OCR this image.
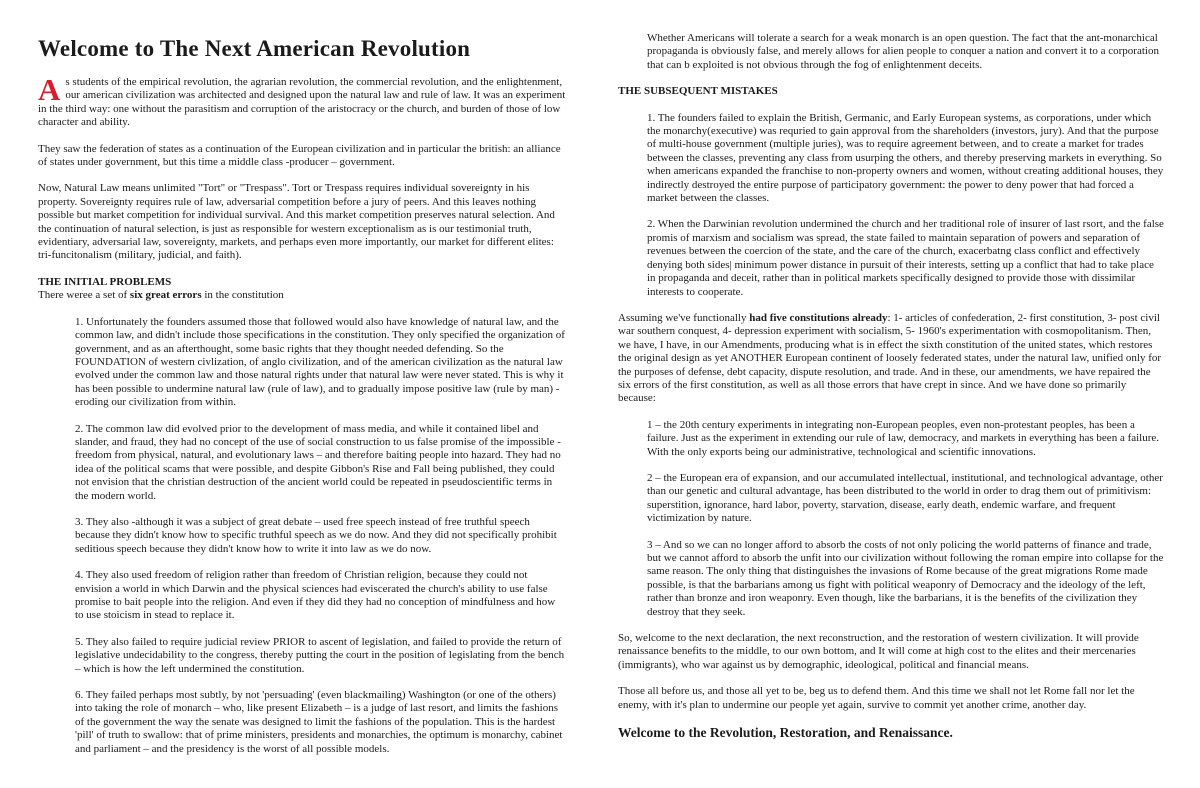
Welcome to The Next American Revolution

As students of the empirical revolution, the agrarian revolution, the commercial revolution, and the enlightenment, our american civilization was architected and designed upon the natural law and rule of law. It was an experiment in the third way: one without the parasitism and corruption of the aristocracy or the church, and burden of those of low character and ability.

They saw the federation of states as a continuation of the European civilization and in particular the british: an alliance of states under government, but this time a middle class -producer – government.

Now, Natural Law means unlimited "Tort" or "Trespass". Tort or Trespass requires individual sovereignty in his property. Sovereignty requires rule of law, adversarial competition before a jury of peers. And this leaves nothing possible but market competition for individual survival. And this market competition preserves natural selection. And the continuation of natural selection, is just as responsible for western exceptionalism as is our testimonial truth, evidentiary, adversarial law, sovereignty, markets, and perhaps even more importantly, our market for different elites: tri-funcitonalism (military, judicial, and faith).

THE INITIAL PROBLEMS

There weree a set of six great errors in the constitution

1. Unfortunately the founders assumed those that followed would also have knowledge of natural law, and the common law, and didn't include those specifications in the constitution. They only specified the organization of government, and as an afterthought, some basic rights that they thought needed defending. So the FOUNDATION of western civlization, of anglo civilization, and of the american civilization as the natural law evolved under the common law and those natural rights under that natural law were never stated. This is why it has been possible to undermine natural law (rule of law), and to gradually impose positive law (rule by man) -eroding our civilization from within.

2. The common law did evolved prior to the development of mass media, and while it contained libel and slander, and fraud, they had no concept of the use of social construction to us false promise of the impossible -freedom from physical, natural, and evolutionary laws – and therefore baiting people into hazard. They had no idea of the political scams that were possible, and despite Gibbon's Rise and Fall being published, they could not envision that the christian destruction of the ancient world could be repeated in pseudoscientific terms in the modern world.

3. They also -although it was a subject of great debate – used free speech instead of free truthful speech because they didn't know how to specific truthful speech as we do now. And they did not specifically prohibit seditious speech because they didn't know how to write it into law as we do now.

4. They also used freedom of religion rather than freedom of Christian religion, because they could not envision a world in which Darwin and the physical sciences had eviscerated the church's ability to use false promise to bait people into the religion. And even if they did they had no conception of mindfulness and how to use stoicism in stead to replace it.

5. They also failed to require judicial review PRIOR to ascent of legislation, and failed to provide the return of legislative undecidability to the congress, thereby putting the court in the position of legislating from the bench – which is how the left undermined the constitution.

6. They failed perhaps most subtly, by not 'persuading' (even blackmailing) Washington (or one of the others) into taking the role of monarch – who, like present Elizabeth – is a judge of last resort, and limits the fashions of the government the way the senate was designed to limit the fashions of the population. This is the hardest 'pill' of truth to swallow: that of prime ministers, presidents and monarchies, the optimum is monarchy, cabinet and parliament – and the presidency is the worst of all possible models.

Whether Americans will tolerate a search for a weak monarch is an open question. The fact that the ant-monarchical propaganda is obviously false, and merely allows for alien people to conquer a nation and convert it to a corporation that can b exploited is not obvious through the fog of enlightenment deceits.

THE SUBSEQUENT MISTAKES

1. The founders failed to explain the British, Germanic, and Early European systems, as corporations, under which the monarchy(executive) was requried to gain approval from the shareholders (investors, jury). And that the purpose of multi-house government (multiple juries), was to require agreement between, and to create a market for trades between the classes, preventing any class from usurping the others, and thereby preserving markets in everything. So when americans expanded the franchise to non-property owners and women, without creating additional houses, they indirectly destroyed the entire purpose of participatory government: the power to deny power that had forced a market between the classes.

2. When the Darwinian revolution undermined the church and her traditional role of insurer of last rsort, and the false promis of marxism and socialism was spread, the state failed to maintain separation of powers and separation of revenues between the coercion of the state, and the care of the church, exacerbatng class conflict and effectively denying both sides| minimum power distance in pursuit of their interests, setting up a conflict that had to take place in propaganda and deceit, rather than in political markets specifically designed to provide those with dissimilar interests to cooperate.

Assuming we've functionally had five constitutions already: 1- articles of confederation, 2- first constitution, 3- post civil war southern conquest, 4- depression experiment with socialism, 5- 1960's experimentation with cosmopolitanism. Then, we have, I have, in our Amendments, producing what is in effect the sixth constitution of the united states, which restores the original design as yet ANOTHER European continent of loosely federated states, under the natural law, unified only for the purposes of defense, debt capacity, dispute resolution, and trade. And in these, our amendments, we have repaired the six errors of the first constitution, as well as all those errors that have crept in since. And we have done so primarily because:

1 – the 20th century experiments in integrating non-European peoples, even non-protestant peoples, has been a failure. Just as the experiment in extending our rule of law, democracy, and markets in everything has been a failure. With the only exports being our administrative, technological and scientific innovations.

2 – the European era of expansion, and our accumulated intellectual, institutional, and technological advantage, other than our genetic and cultural advantage, has been distributed to the world in order to drag them out of primitivism: superstition, ignorance, hard labor, poverty, starvation, disease, early death, endemic warfare, and frequent victimization by nature.

3 – And so we can no longer afford to absorb the costs of not only policing the world patterns of finance and trade, but we cannot afford to absorb the unfit into our civilization without following the roman empire into collapse for the same reason. The only thing that distinguishes the invasions of Rome because of the great migrations Rome made possible, is that the barbarians among us fight with political weaponry of Democracy and the ideology of the left, rather than bronze and iron weaponry. Even though, like the barbarians, it is the benefits of the civilization they destroy that they seek.

So, welcome to the next declaration, the next reconstruction, and the restoration of western civilization. It will provide renaissance benefits to the middle, to our own bottom, and It will come at high cost to the elites and their mercenaries (immigrants), who war against us by demographic, ideological, political and financial means.

Those all before us, and those all yet to be, beg us to defend them. And this time we shall not let Rome fall nor let the enemy, with it's plan to undermine our people yet again, survive to commit yet another crime, another day.

Welcome to the Revolution, Restoration, and Renaissance.
